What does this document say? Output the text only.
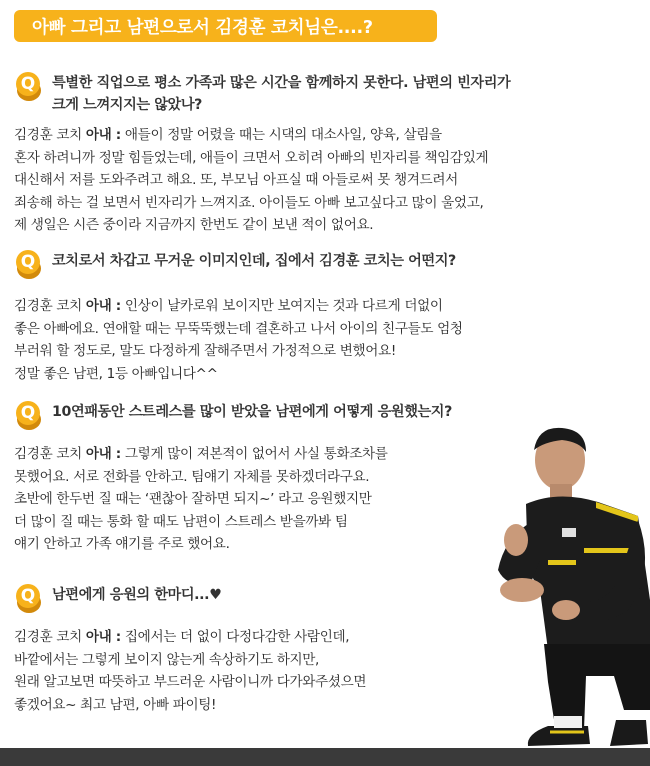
아빠 그리고 남편으로서 김경훈 코치님은....?
Q	특별한 직업으로 평소 가족과 많은 시간을 함께하지 못한다. 남편의 빈자리가
크게 느껴지지는 않았나?

김경훈 코치 아내 : 애들이 정말 어렸을 때는 시댁의 대소사일, 양육, 살림을

혼자 하려니까 정말 힘들었는데, 애들이 크면서 오히려 아빠의 빈자리를 책임감있게

대신해서 저를 도와주려고 해요. 또, 부모님 아프실 때 아들로써 못 챙겨드려서

죄송해 하는 걸 보면서 빈자리가 느껴지죠. 아이들도 아빠 보고싶다고 많이 울었고,

제 생일은 시즌 중이라 지금까지 한번도 같이 보낸 적이 없어요.

Q	코치로서 차갑고 무거운 이미지인데, 집에서 김경훈 코치는 어떤지?

김경훈 코치 아내 : 인상이 날카로워 보이지만 보여지는 것과 다르게 더없이

좋은 아빠에요. 연애할 때는 무뚝뚝했는데 결혼하고 나서 아이의 친구들도 엄청

부러워 할 정도로, 말도 다정하게 잘해주면서 가정적으로 변했어요!

정말 좋은 남편, 1등 아빠입니다^^

Q	10연패동안 스트레스를 많이 받았을 남편에게 어떻게 응원했는지?

김경훈 코치 아내 : 그렇게 많이 져본적이 없어서 사실 통화조차를

못했어요. 서로 전화를 안하고. 팀얘기 자체를 못하겠더라구요.

초반에 한두번 질 때는 ‘괜찮아 잘하면 되지~’ 라고 응원했지만

더 많이 질 때는 통화 할 때도 남편이 스트레스 받을까봐 팀

얘기 안하고 가족 얘기를 주로 했어요.

Q	남편에게 응원의 한마디...♥

김경훈 코치 아내 : 집에서는 더 없이 다정다감한 사람인데,

바깥에서는 그렇게 보이지 않는게 속상하기도 하지만,

원래 알고보면 따뜻하고 부드러운 사람이니까 다가와주셨으면

좋겠어요~ 최고 남편, 아빠 파이팅!
